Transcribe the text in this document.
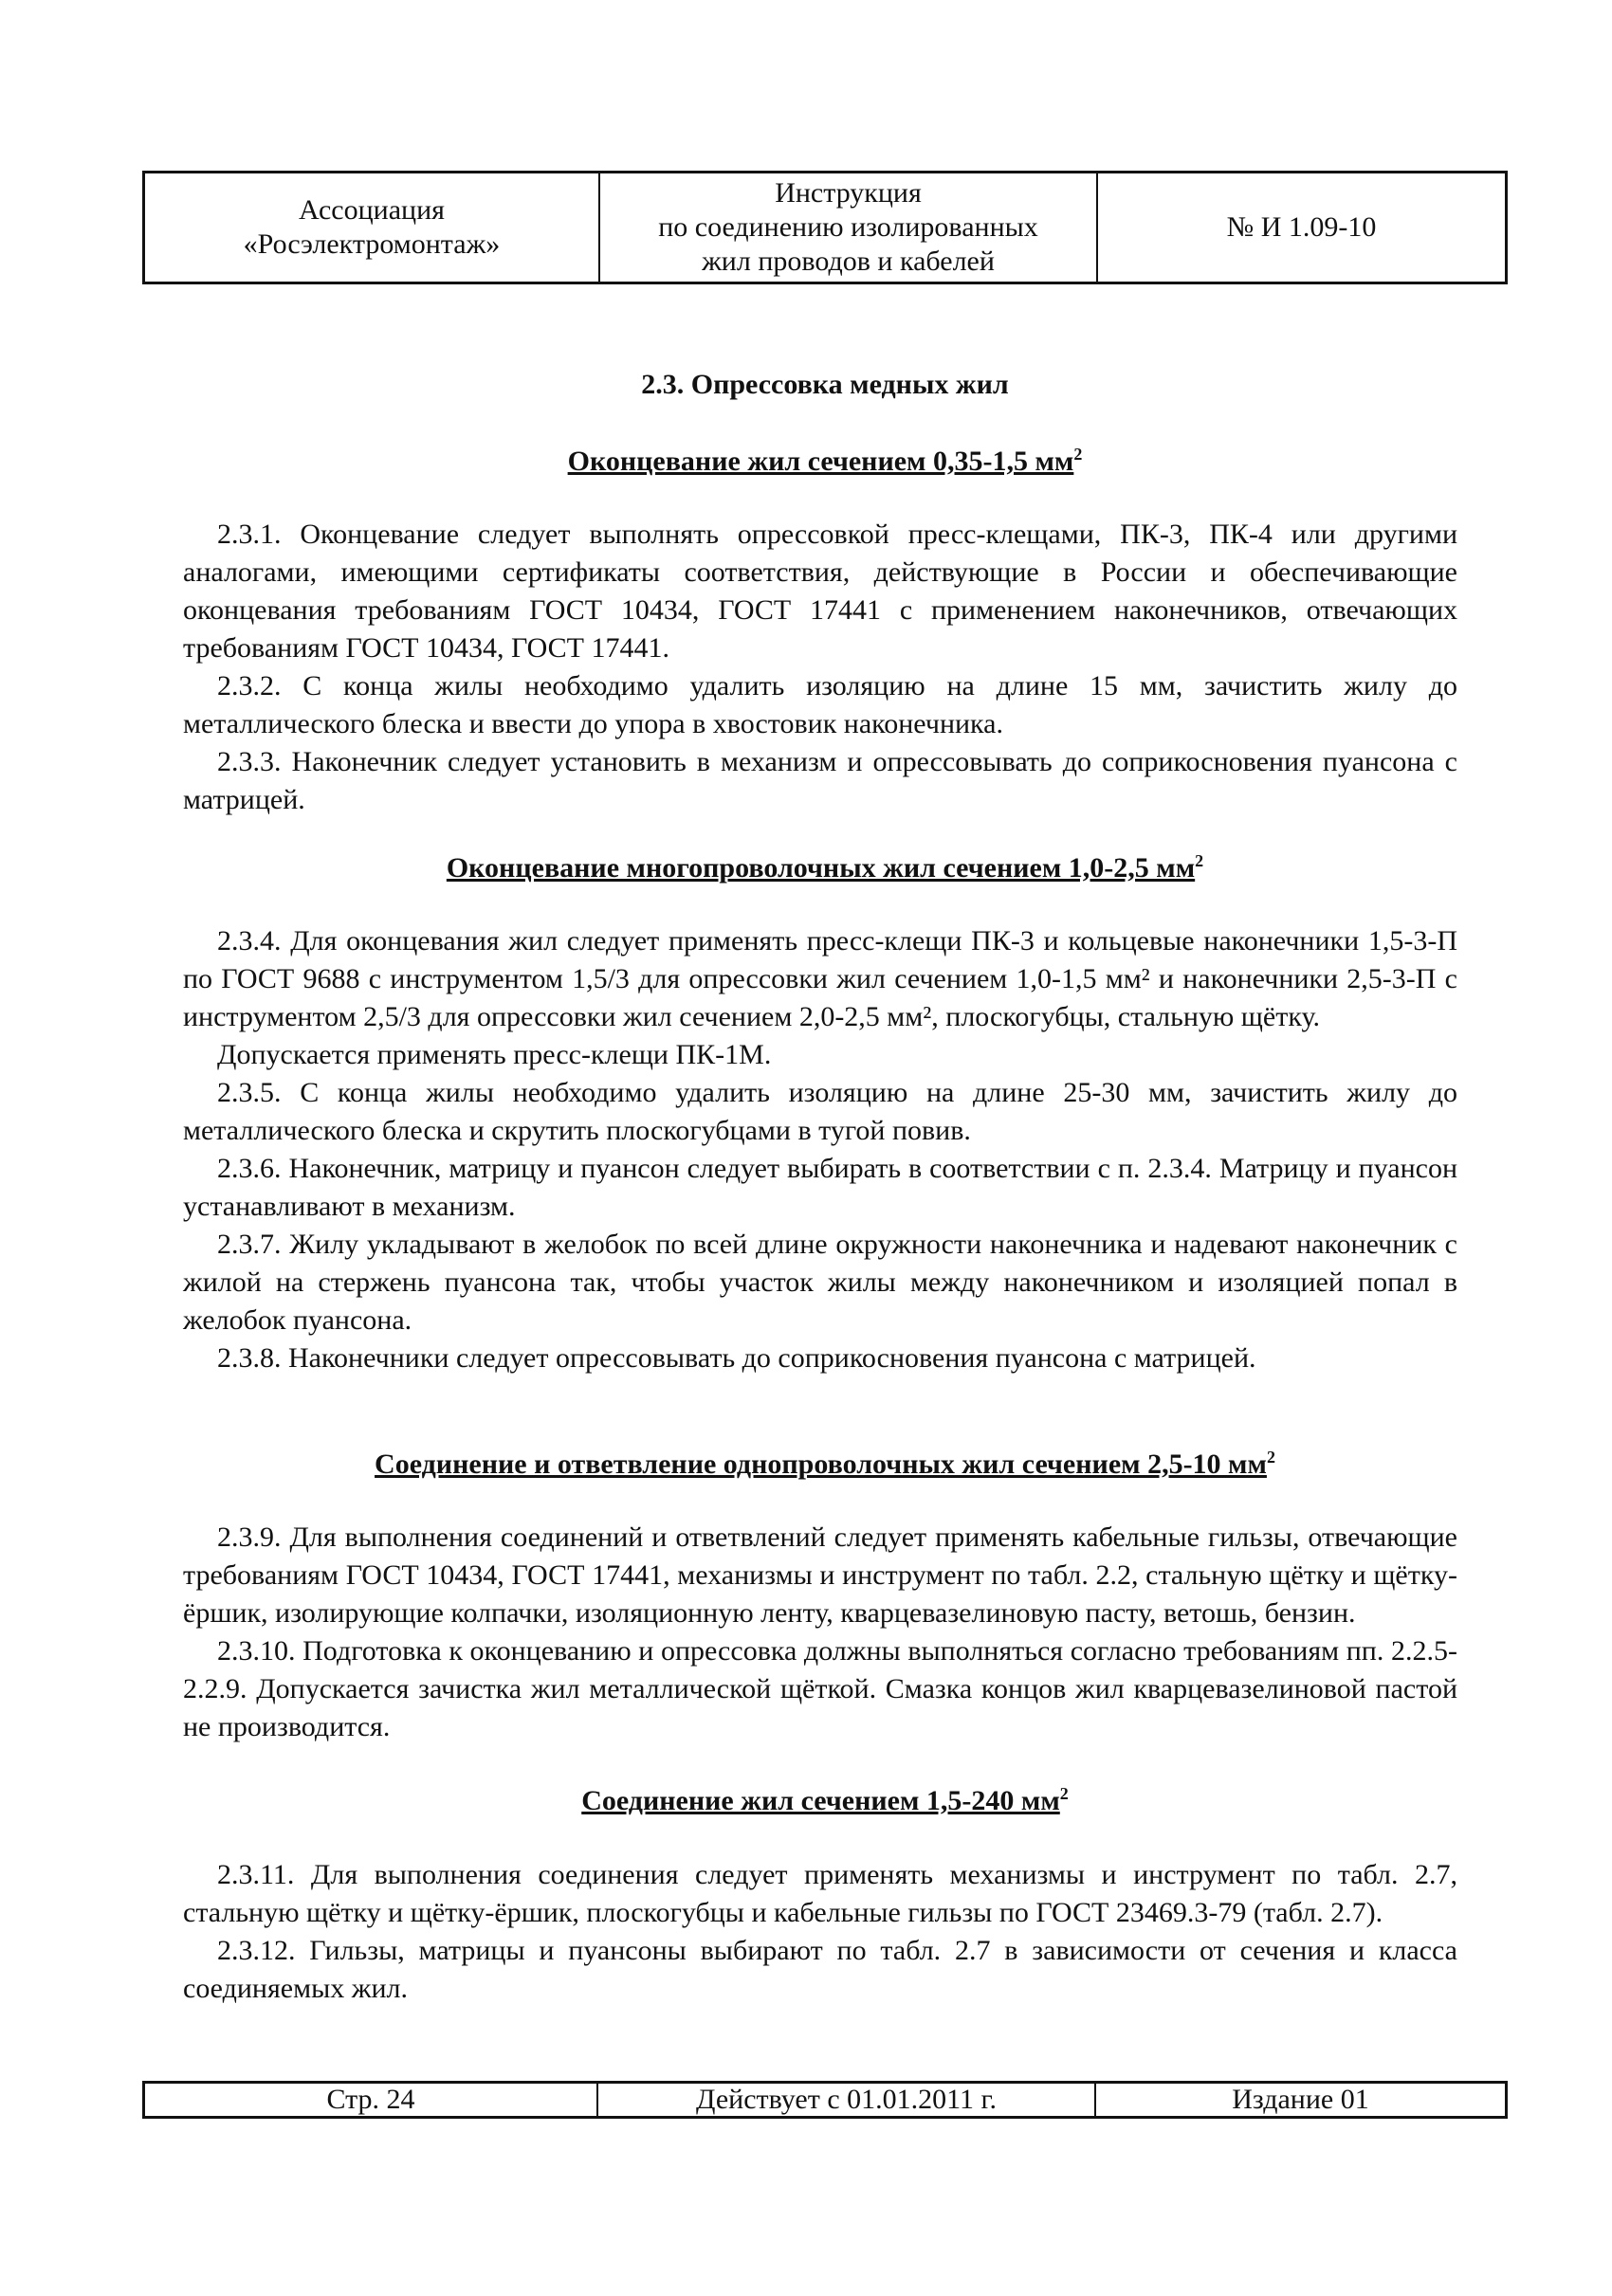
Ассоциация
«Росэлектромонтаж»
Инструкция
по соединению изолированных
жил проводов и кабелей
№ И 1.09-10
2.3. Опрессовка медных жил
Оконцевание жил сечением 0,35-1,5 $мм^2$

2.3.1. Оконцевание следует выполнять опрессовкой пресс-клещами, ПК-3, ПК-4 или другими аналогами, имеющими сертификаты соответствия, действующие в России и обеспечивающие оконцевания требованиям ГОСТ 10434, ГОСТ 17441 с применением наконечников, отвечающих требованиям ГОСТ 10434, ГОСТ 17441.

2.3.2. С конца жилы необходимо удалить изоляцию на длине 15 мм, зачистить жилу до металлического блеска и ввести до упора в хвостовик наконечника.

2.3.3. Наконечник следует установить в механизм и опрессовывать до соприкосновения пуансона с матрицей.

Оконцевание многопроволочных жил сечением 1,0-2,5 $мм^2$

2.3.4. Для оконцевания жил следует применять пресс-клещи ПК-3 и кольцевые наконечники 1,5-3-П по ГОСТ 9688 с инструментом 1,5/3 для опрессовки жил сечением 1,0-1,5 мм² и наконечники 2,5-3-П с инструментом 2,5/3 для опрессовки жил сечением 2,0-2,5 мм², плоскогубцы, стальную щётку.

Допускается применять пресс-клещи ПК-1М.

2.3.5. С конца жилы необходимо удалить изоляцию на длине 25-30 мм, зачистить жилу до металлического блеска и скрутить плоскогубцами в тугой повив.

2.3.6. Наконечник, матрицу и пуансон следует выбирать в соответствии с п. 2.3.4. Матрицу и пуансон устанавливают в механизм.

2.3.7. Жилу укладывают в желобок по всей длине окружности наконечника и надевают наконечник с жилой на стержень пуансона так, чтобы участок жилы между наконечником и изоляцией попал в желобок пуансона.

2.3.8. Наконечники следует опрессовывать до соприкосновения пуансона с матрицей.

Соединение и ответвление однопроволочных жил сечением 2,5-10 $мм^2$

2.3.9. Для выполнения соединений и ответвлений следует применять кабельные гильзы, отвечающие требованиям ГОСТ 10434, ГОСТ 17441, механизмы и инструмент по табл. 2.2, стальную щётку и щётку-ёршик, изолирующие колпачки, изоляционную ленту, кварцевазелиновую пасту, ветошь, бензин.

2.3.10. Подготовка к оконцеванию и опрессовка должны выполняться согласно требованиям пп. 2.2.5-2.2.9. Допускается зачистка жил металлической щёткой. Смазка концов жил кварцевазелиновой пастой не производится.

Соединение жил сечением 1,5-240 $мм^2$

2.3.11. Для выполнения соединения следует применять механизмы и инструмент по табл. 2.7, стальную щётку и щётку-ёршик, плоскогубцы и кабельные гильзы по ГОСТ 23469.3-79 (табл. 2.7).

2.3.12. Гильзы, матрицы и пуансоны выбирают по табл. 2.7 в зависимости от сечения и класса соединяемых жил.

Стр. 24	Действует с 01.01.2011 г.	Издание 01
